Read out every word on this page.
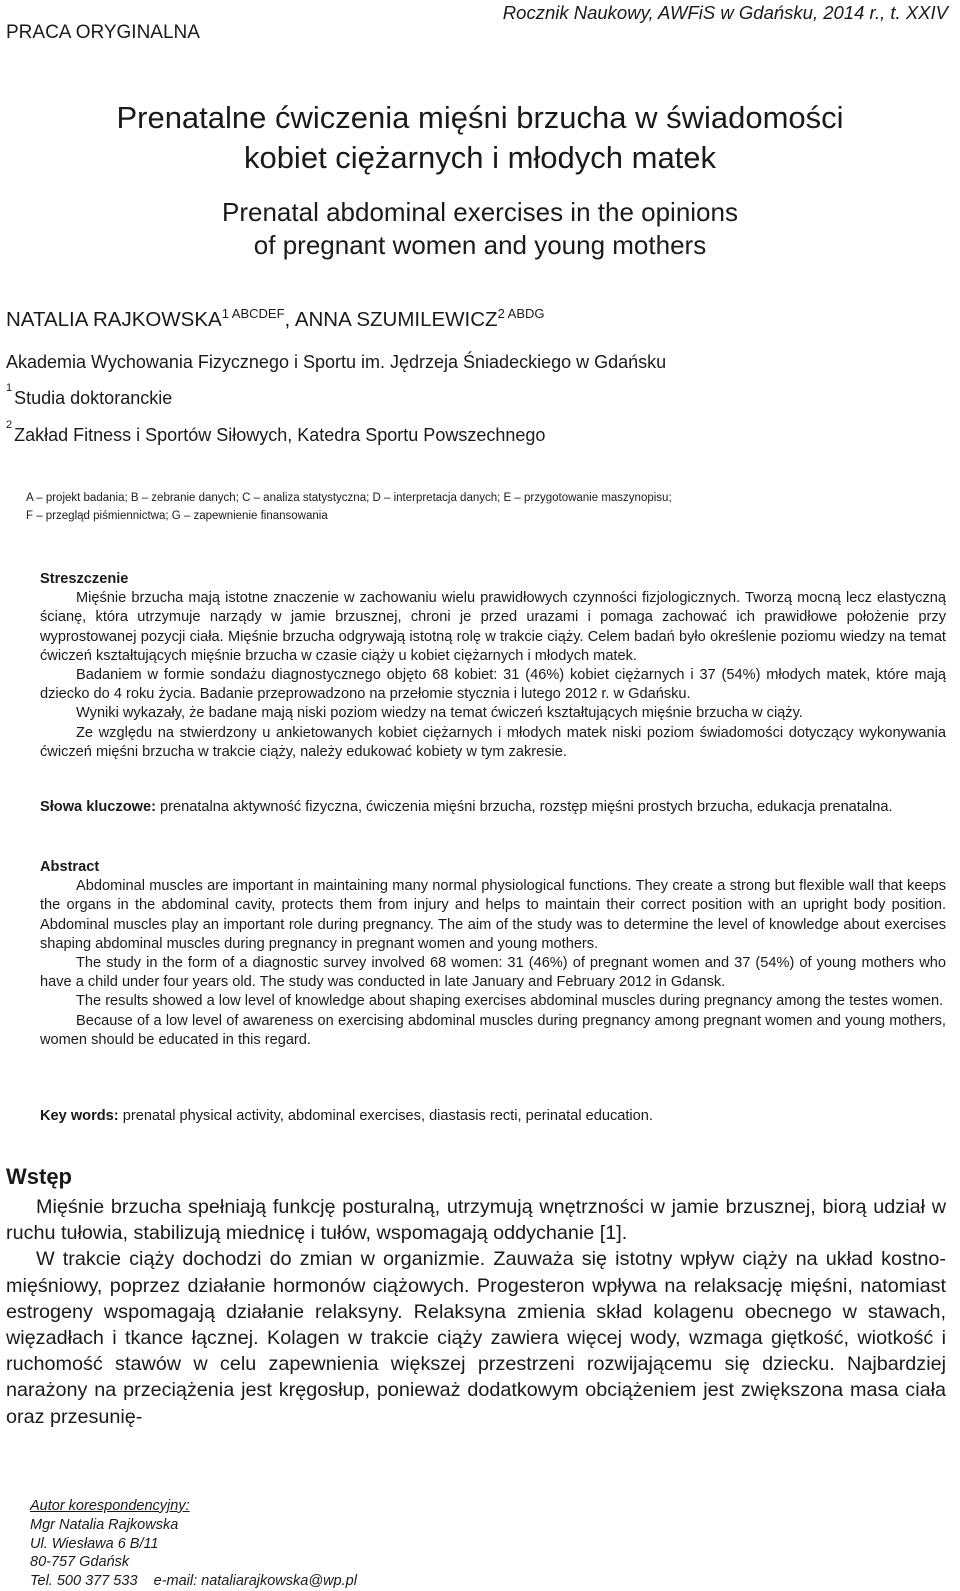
PRACA ORYGINALNA
Rocznik Naukowy, AWFiS w Gdańsku, 2014 r., t. XXIV
Prenatalne ćwiczenia mięśni brzucha w świadomości
kobiet ciężarnych i młodych matek
Prenatal abdominal exercises in the opinions
of pregnant women and young mothers
NATALIA $RAJKOWSKA^{1 ABCDEF}$, ANNA $SZUMILEWICZ^{2 ABDG}$
Akademia Wychowania Fizycznego i Sportu im. Jędrzeja Śniadeckiego w Gdańsku
$^1$ Studia doktoranckie
$^2$ Zakład Fitness i Sportów Siłowych, Katedra Sportu Powszechnego
A – projekt badania; B – zebranie danych; C – analiza statystyczna; D – interpretacja danych; E – przygotowanie maszynopisu;
F – przegląd piśmiennictwa; G – zapewnienie finansowania
Streszczenie

Mięśnie brzucha mają istotne znaczenie w zachowaniu wielu prawidłowych czynności fizjologicznych. Tworzą mocną lecz elastyczną ścianę, która utrzymuje narządy w jamie brzusznej, chroni je przed urazami i pomaga zachować ich prawidłowe położenie przy wyprostowanej pozycji ciała. Mięśnie brzucha odgrywają istotną rolę w trakcie ciąży. Celem badań było określenie poziomu wiedzy na temat ćwiczeń kształtujących mięśnie brzucha w czasie ciąży u kobiet ciężarnych i młodych matek.

Badaniem w formie sondażu diagnostycznego objęto 68 kobiet: 31 (46%) kobiet ciężarnych i 37 (54%) młodych matek, które mają dziecko do 4 roku życia. Badanie przeprowadzono na przełomie stycznia i lutego 2012 r. w Gdańsku.

Wyniki wykazały, że badane mają niski poziom wiedzy na temat ćwiczeń kształtujących mięśnie brzucha w ciąży.

Ze względu na stwierdzony u ankietowanych kobiet ciężarnych i młodych matek niski poziom świadomości dotyczący wykonywania ćwiczeń mięśni brzucha w trakcie ciąży, należy edukować kobiety w tym zakresie.

Słowa kluczowe: prenatalna aktywność fizyczna, ćwiczenia mięśni brzucha, rozstęp mięśni prostych brzucha, edukacja prenatalna.
Abstract

Abdominal muscles are important in maintaining many normal physiological functions. They create a strong but flexible wall that keeps the organs in the abdominal cavity, protects them from injury and helps to maintain their correct position with an upright body position. Abdominal muscles play an important role during pregnancy. The aim of the study was to determine the level of knowledge about exercises shaping abdominal muscles during pregnancy in pregnant women and young mothers.

The study in the form of a diagnostic survey involved 68 women: 31 (46%) of pregnant women and 37 (54%) of young mothers who have a child under four years old. The study was conducted in late January and February 2012 in Gdansk.

The results showed a low level of knowledge about shaping exercises abdominal muscles during pregnancy among the testes women.

Because of a low level of awareness on exercising abdominal muscles during pregnancy among pregnant women and young mothers, women should be educated in this regard.

Key words: prenatal physical activity, abdominal exercises, diastasis recti, perinatal education.
Wstęp

Mięśnie brzucha spełniają funkcję posturalną, utrzymują wnętrzności w jamie brzusznej, biorą udział w ruchu tułowia, stabilizują miednicę i tułów, wspomagają oddychanie [1].

W trakcie ciąży dochodzi do zmian w organizmie. Zauważa się istotny wpływ ciąży na układ kostno-mięśniowy, poprzez działanie hormonów ciążowych. Progesteron wpływa na relaksację mięśni, natomiast estrogeny wspomagają działanie relaksyny. Relaksyna zmienia skład kolagenu obecnego w stawach, więzadłach i tkance łącznej. Kolagen w trakcie ciąży zawiera więcej wody, wzmaga giętkość, wiotkość i ruchomość stawów w celu zapewnienia większej przestrzeni rozwijającemu się dziecku. Najbardziej narażony na przeciążenia jest kręgosłup, ponieważ dodatkowym obciążeniem jest zwiększona masa ciała oraz przesunię-

Autor korespondencyjny:
Mgr Natalia Rajkowska
Ul. Wiesława 6 B/11
80-757 Gdańsk
Tel. 500 377 533    e-mail: nataliarajkowska@wp.pl
